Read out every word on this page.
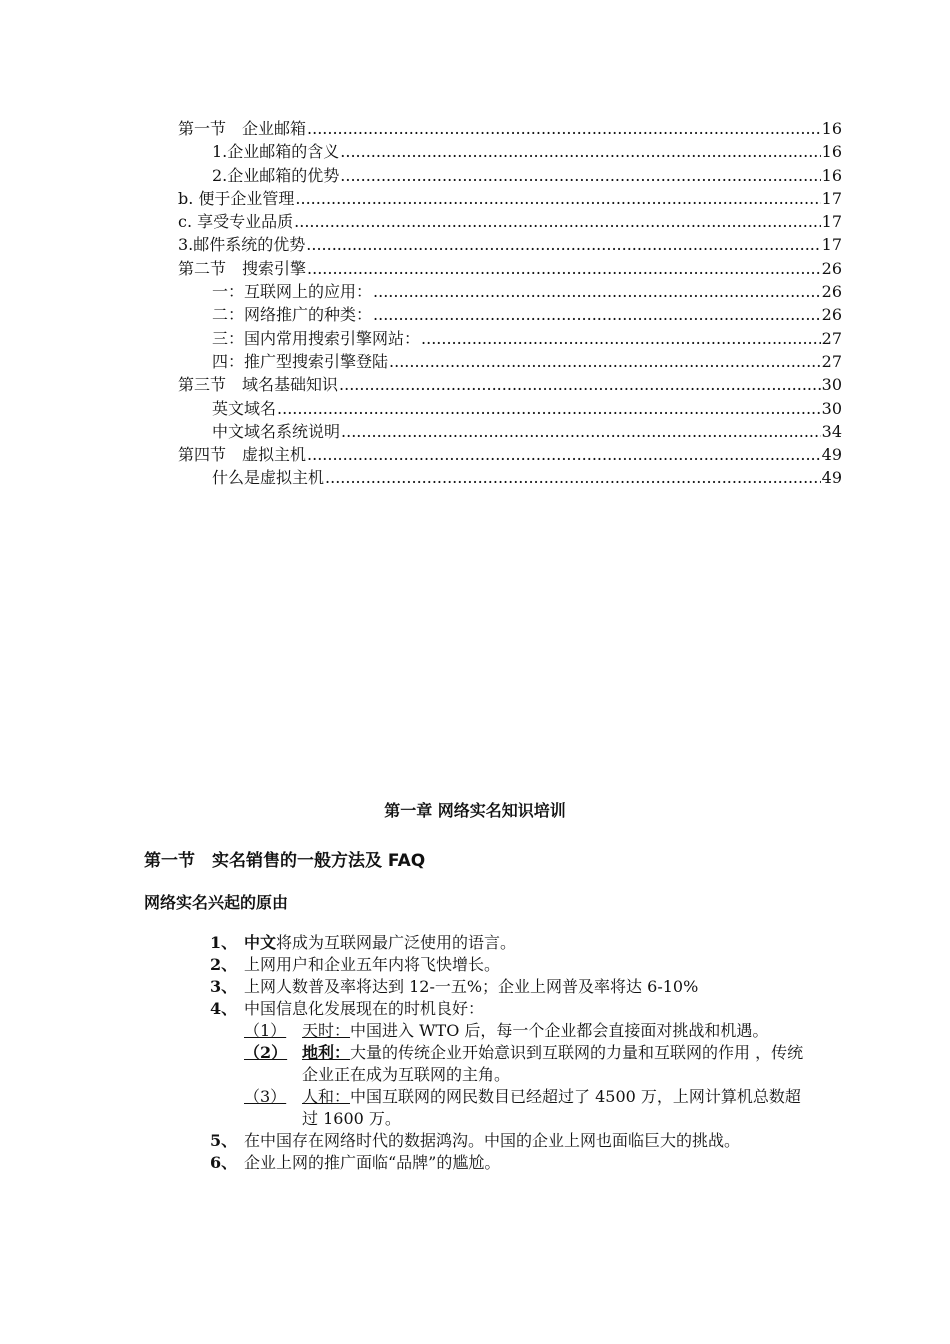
第一节　企业邮箱 .....	16
1.企业邮箱的含义 .....	16
2.企业邮箱的优势 .....	16
b. 便于企业管理 .....	17
c. 享受专业品质 .....	17
3.邮件系统的优势 .....	17
第二节　搜索引擎 .....	26
一：互联网上的应用： .....	26
二：网络推广的种类： .....	26
三：国内常用搜索引擎网站： .....	27
四：推广型搜索引擎登陆 .....	27
第三节　域名基础知识 .....	30
英文域名 .....	30
中文域名系统说明 .....	34
第四节　虚拟主机 .....	49
什么是虚拟主机 .....	49
第一章 网络实名知识培训
第一节　实名销售的一般方法及 FAQ
网络实名兴起的原由
1、 中文将成为互联网最广泛使用的语言。
2、 上网用户和企业五年内将飞快增长。
3、 上网人数普及率将达到 12-一五%；企业上网普及率将达 6-10%
4、 中国信息化发展现在的时机良好：
（1） 天时：中国进入 WTO 后，每一个企业都会直接面对挑战和机遇。
（2） 地利：大量的传统企业开始意识到互联网的力量和互联网的作用 ，传统企业正在成为互联网的主角。
（3） 人和：中国互联网的网民数目已经超过了 4500 万，上网计算机总数超过 1600 万。
5、 在中国存在网络时代的数据鸿沟。中国的企业上网也面临巨大的挑战。
6、 企业上网的推广面临“品牌”的尴尬。
